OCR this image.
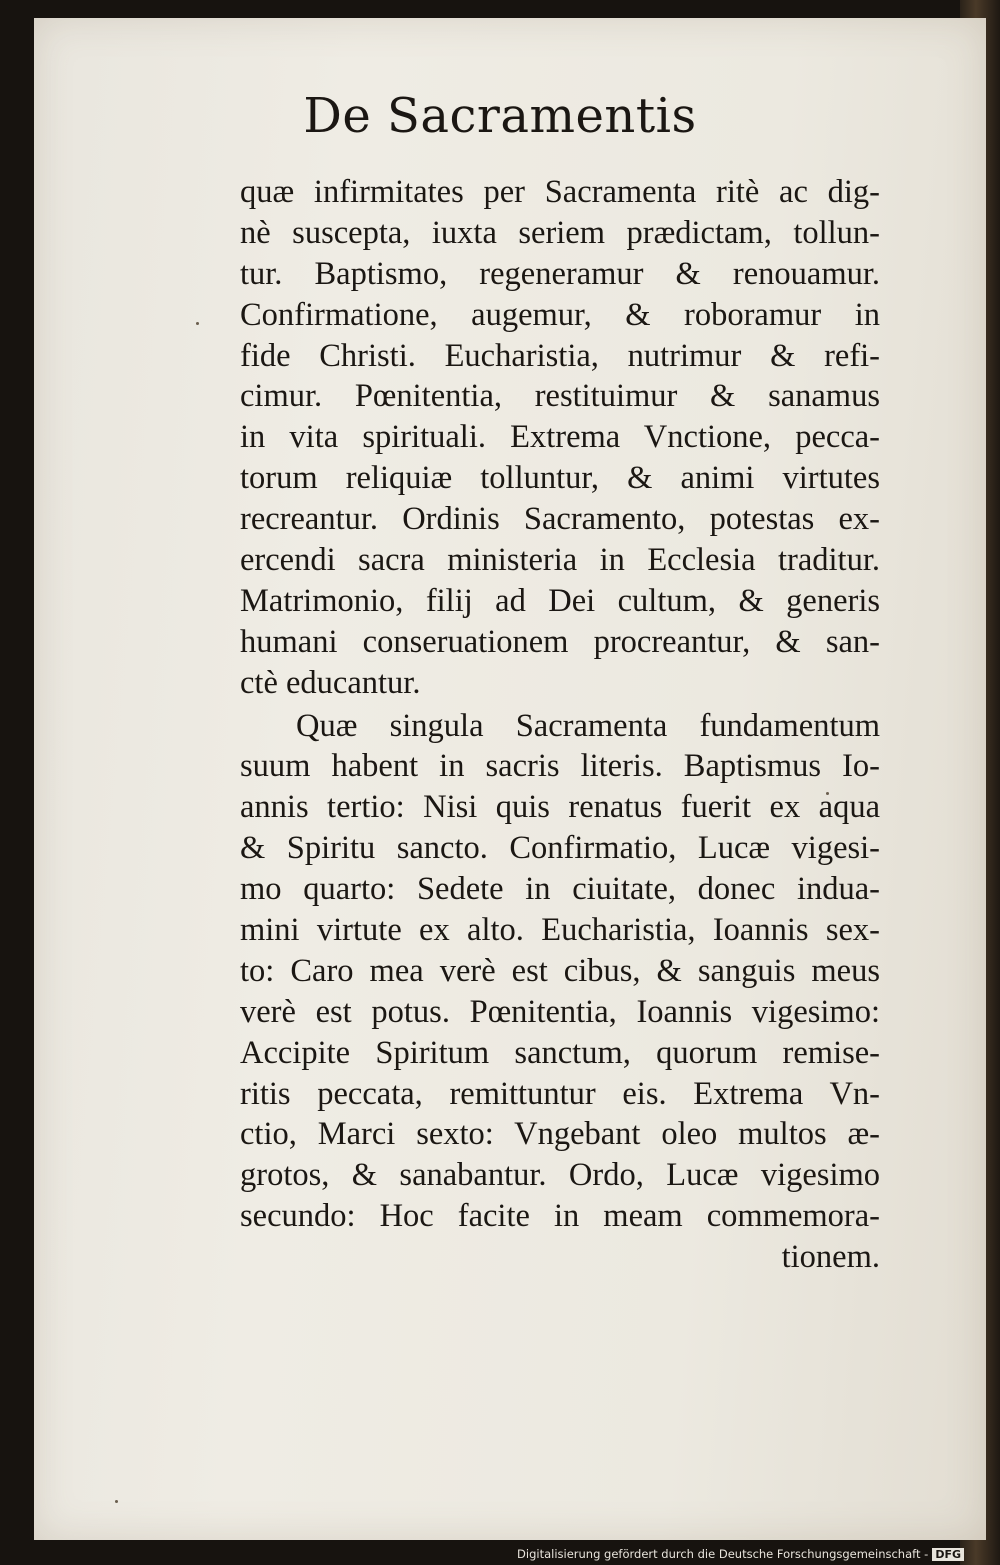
De Sacramentis
quæ infirmitates per Sacramenta ritè ac dig-
nè susceptа, iuxta seriem prædictam, tollun-
tur. Baptismo, regeneramur & renouamur.
Confirmatione, augemur, & roboramur in
fide Christi. Eucharistia, nutrimur & refi-
cimur. Pœnitentia, restituimur & sanamus
in vita spirituali. Extrema Vnctione, pecca-
torum reliquiæ tolluntur, & animi virtutes
recreantur. Ordinis Sacramento, potestas ex-
ercendi sacra ministeria in Ecclesia traditur.
Matrimonio, filij ad Dei cultum, & generis
humani conseruationem procreantur, & san-
ctè educantur.
Quæ singula Sacramenta fundamentum
suum habent in sacris literis. Baptismus Io-
annis tertio: Nisi quis renatus fuerit ex aqua
& Spiritu sancto. Confirmatio, Lucæ vigesi-
mo quarto: Sedete in ciuitate, donec indua-
mini virtute ex alto. Eucharistia, Ioannis sex-
to: Caro mea verè est cibus, & sanguis meus
verè est potus. Pœnitentia, Ioannis vigesimo:
Accipite Spiritum sanctum, quorum remise-
ritis peccata, remittuntur eis. Extrema Vn-
ctio, Marci sexto: Vngebant oleo multos æ-
grotos, & sanabantur. Ordo, Lucæ vigesimo
secundo: Hoc facite in meam commemora-
tionem.
Digitalisierung gefördert durch die Deutsche Forschungsgemeinschaft - DFG
